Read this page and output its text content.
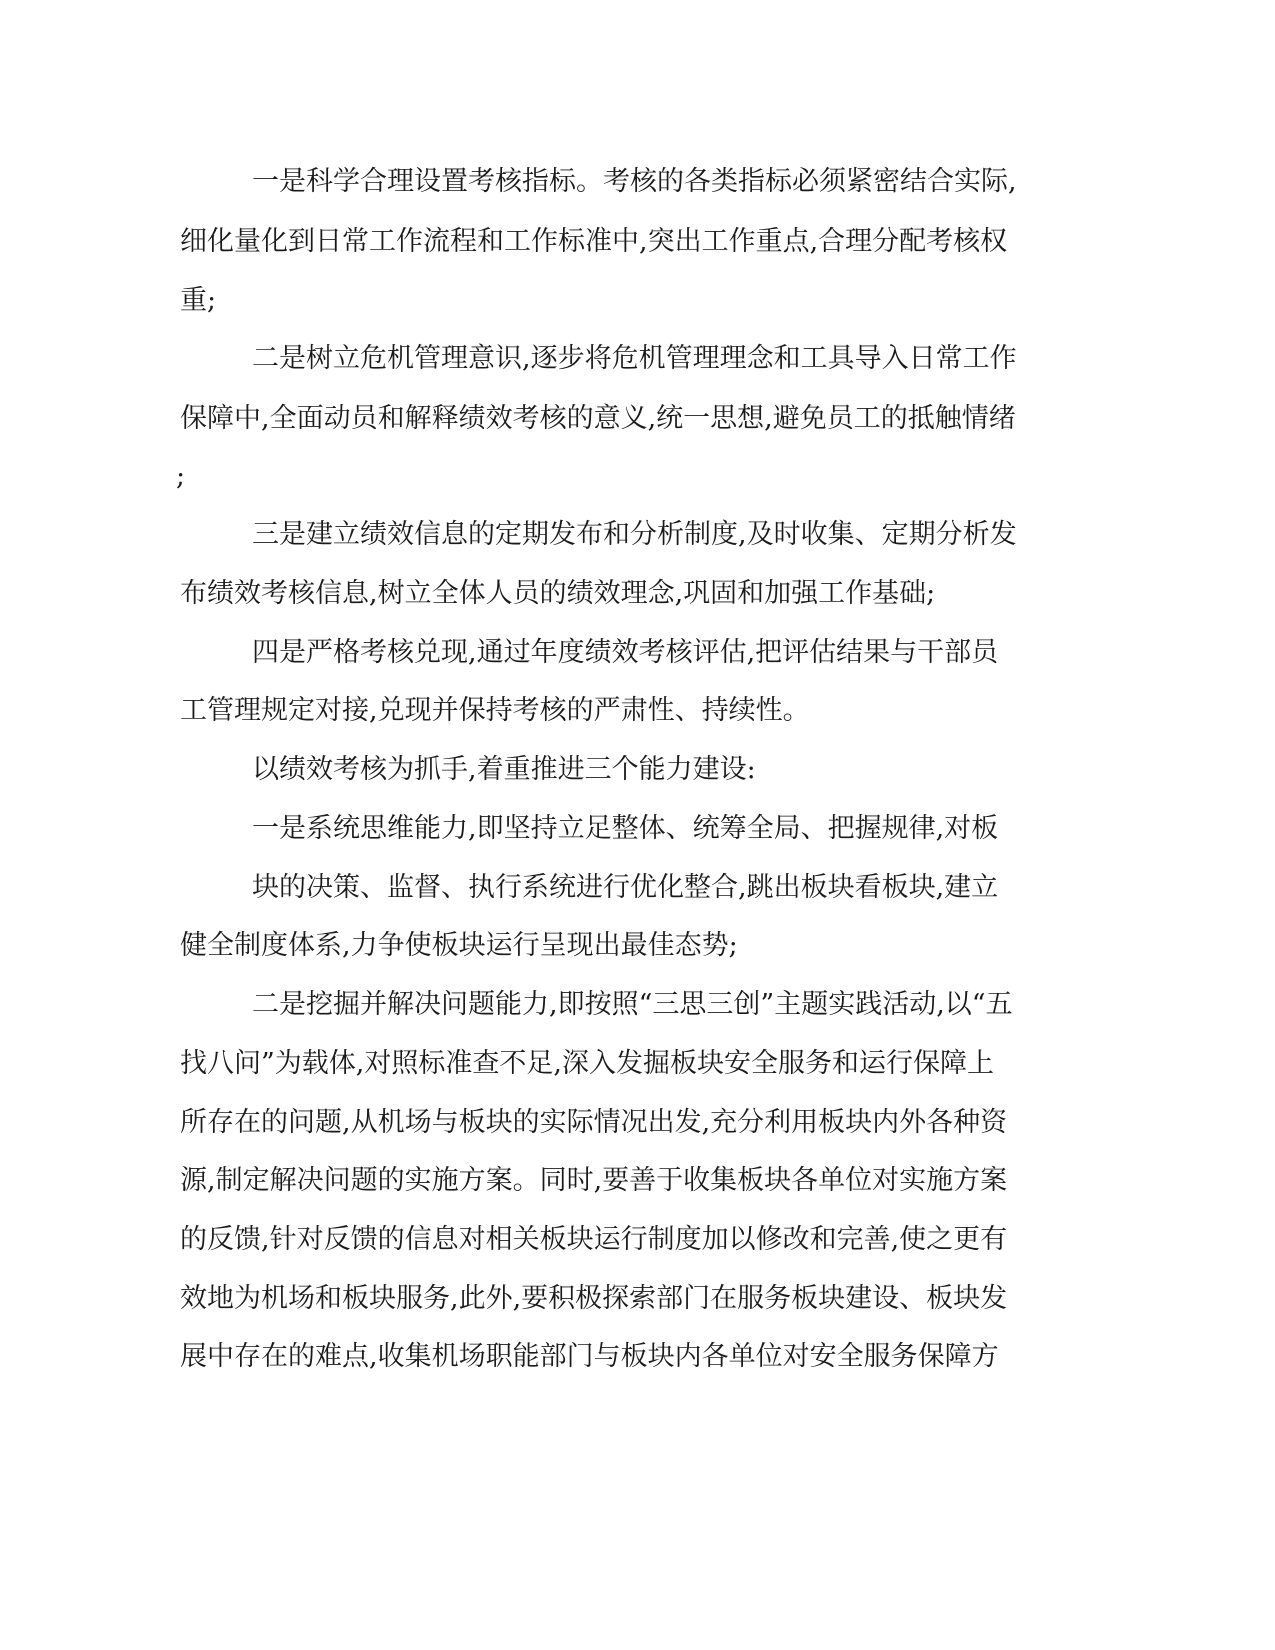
一是科学合理设置考核指标。考核的各类指标必须紧密结合实际,
细化量化到日常工作流程和工作标准中,突出工作重点,合理分配考核权
重;
二是树立危机管理意识,逐步将危机管理理念和工具导入日常工作
保障中,全面动员和解释绩效考核的意义,统一思想,避免员工的抵触情绪
;
三是建立绩效信息的定期发布和分析制度,及时收集、定期分析发
布绩效考核信息,树立全体人员的绩效理念,巩固和加强工作基础;
四是严格考核兑现,通过年度绩效考核评估,把评估结果与干部员
工管理规定对接,兑现并保持考核的严肃性、持续性。
以绩效考核为抓手,着重推进三个能力建设:
一是系统思维能力,即坚持立足整体、统筹全局、把握规律,对板
块的决策、监督、执行系统进行优化整合,跳出板块看板块,建立
健全制度体系,力争使板块运行呈现出最佳态势;
二是挖掘并解决问题能力,即按照“三思三创”主题实践活动,以“五
找八问”为载体,对照标准查不足,深入发掘板块安全服务和运行保障上
所存在的问题,从机场与板块的实际情况出发,充分利用板块内外各种资
源,制定解决问题的实施方案。同时,要善于收集板块各单位对实施方案
的反馈,针对反馈的信息对相关板块运行制度加以修改和完善,使之更有
效地为机场和板块服务,此外,要积极探索部门在服务板块建设、板块发
展中存在的难点,收集机场职能部门与板块内各单位对安全服务保障方
